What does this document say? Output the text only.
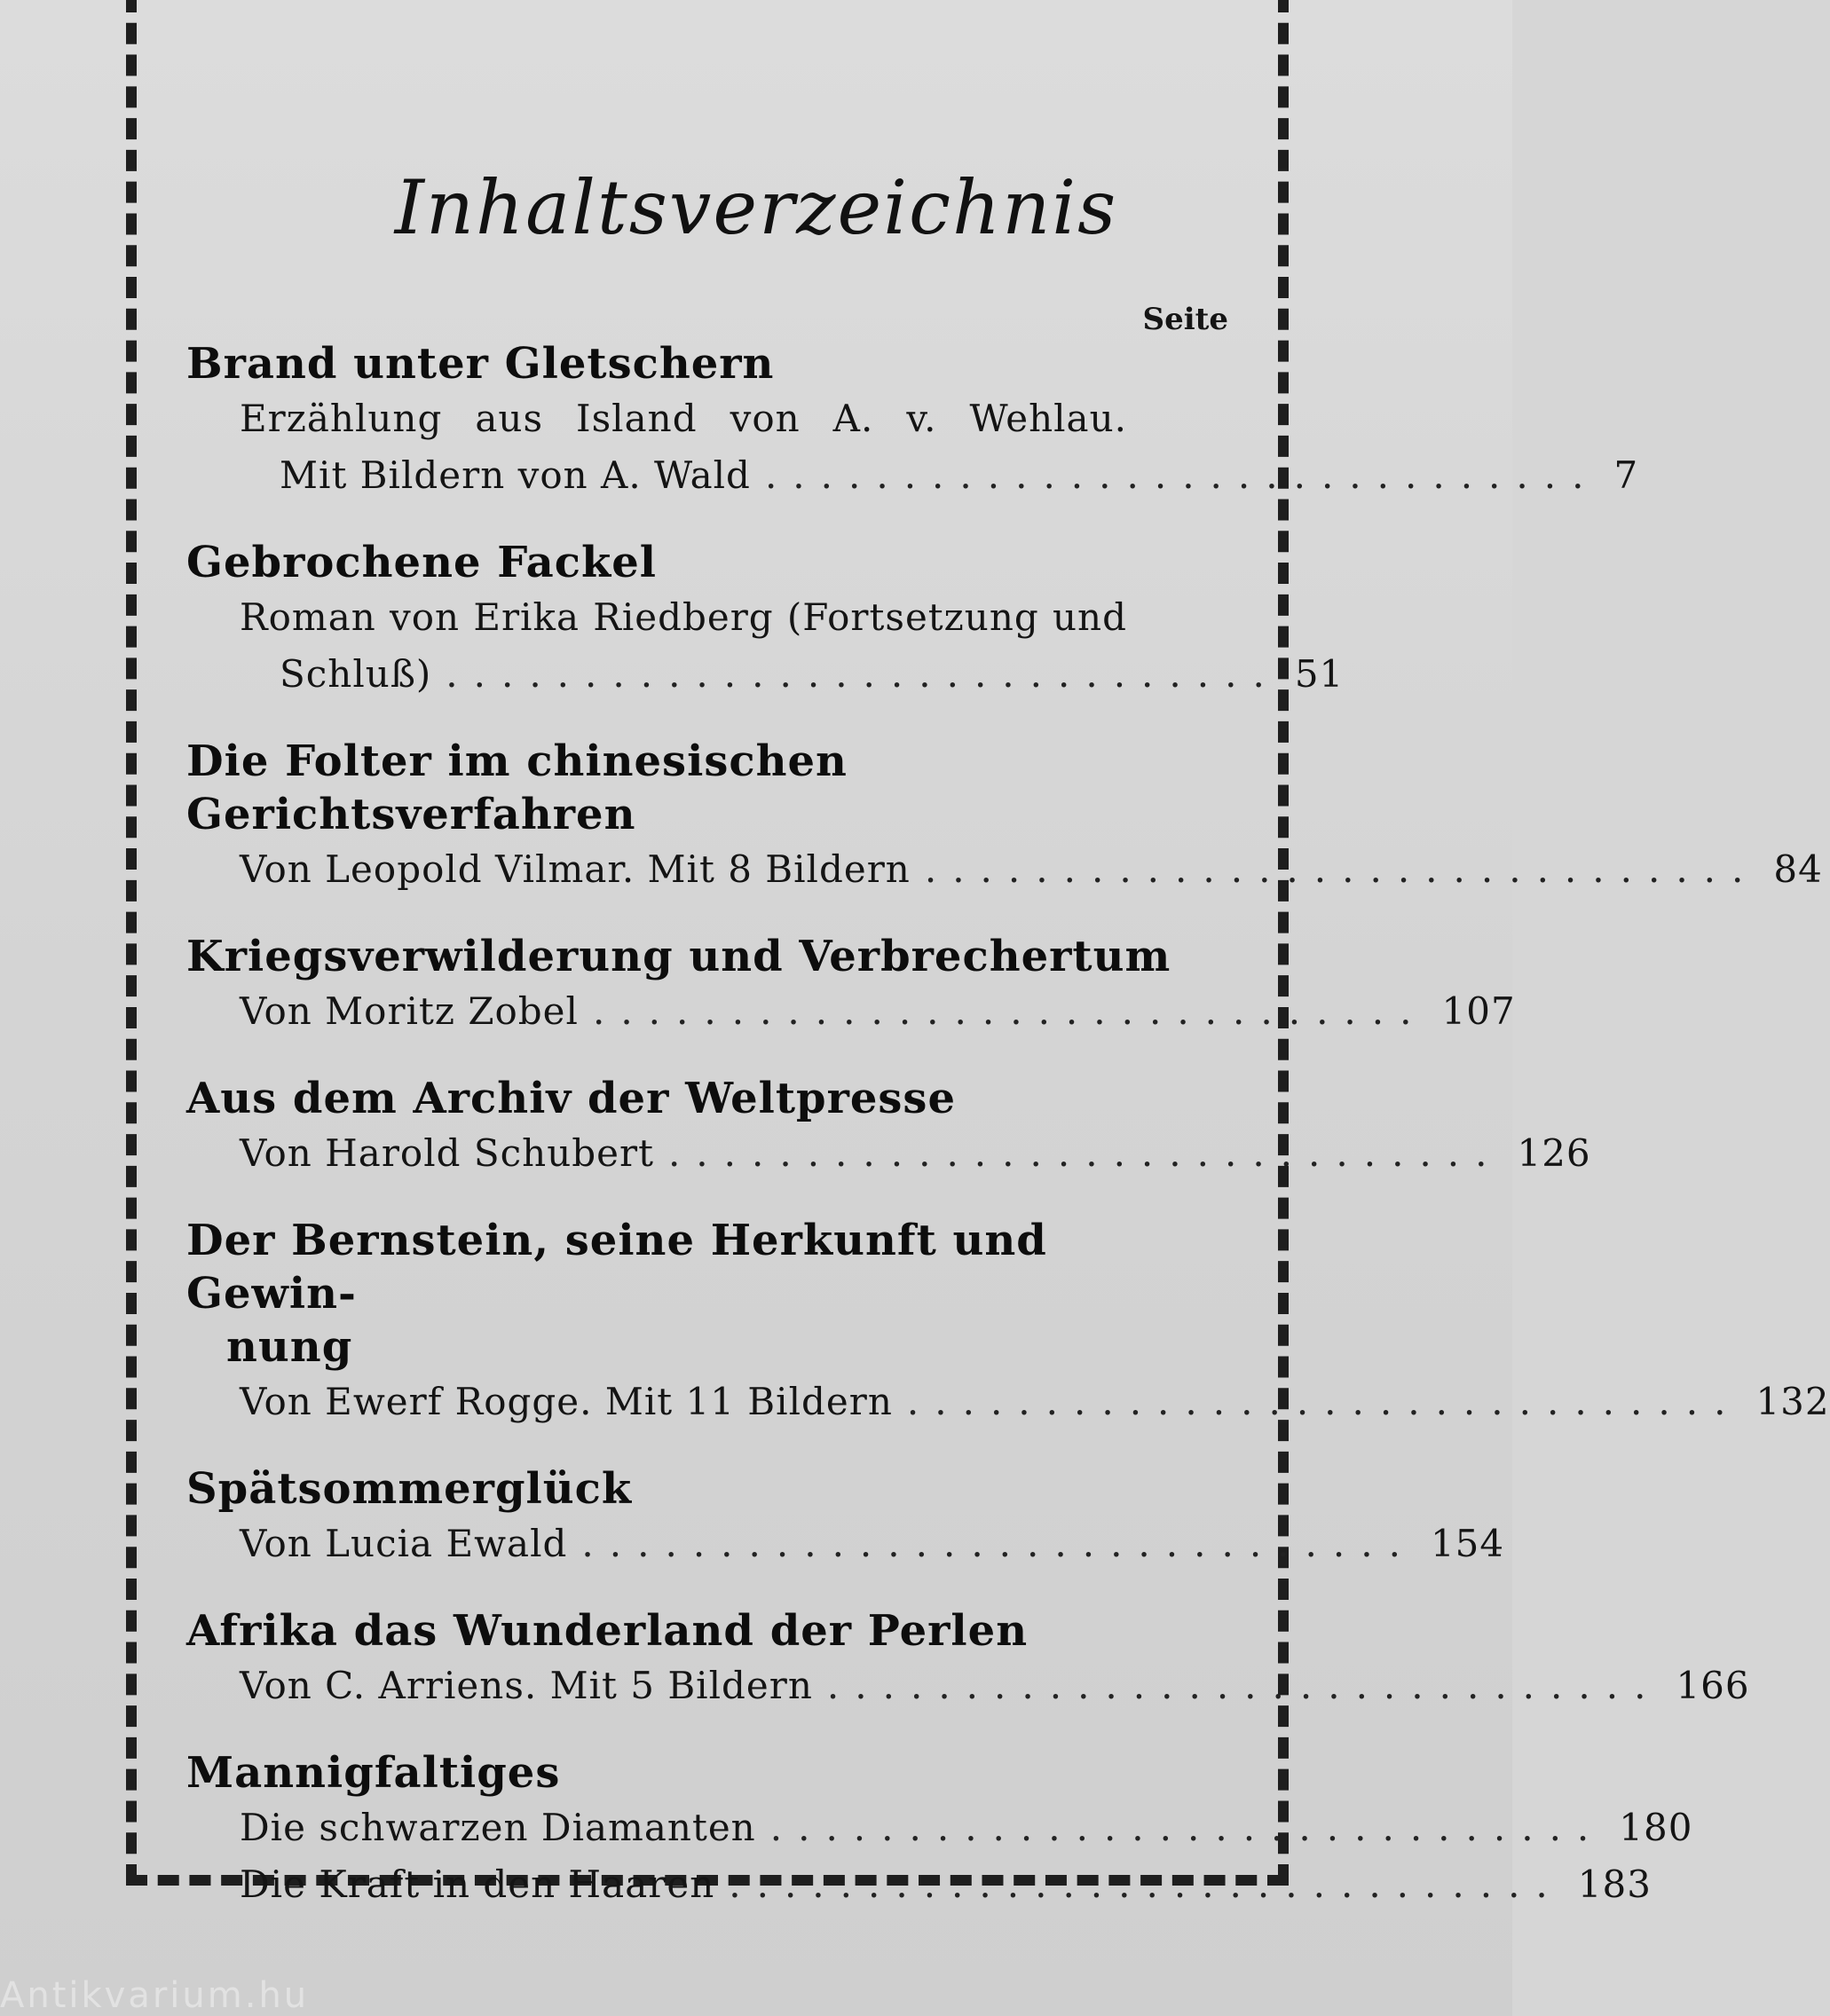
Inhaltsverzeichnis
Seite
Brand unter Gletschern
Erzählung aus Island von A. v. Wehlau.
Mit Bildern von A. Wald .............................. 7
Gebrochene Fackel
Roman von Erika Riedberg (Fortsetzung und
Schluß) .............................. 51
Die Folter im chinesischen Gerichtsverfahren
Von Leopold Vilmar. Mit 8 Bildern .............................. 84
Kriegsverwilderung und Verbrechertum
Von Moritz Zobel .............................. 107
Aus dem Archiv der Weltpresse
Von Harold Schubert .............................. 126
Der Bernstein, seine Herkunft und Gewin-
nung
Von Ewerf Rogge. Mit 11 Bildern .............................. 132
Spätsommerglück
Von Lucia Ewald .............................. 154
Afrika das Wunderland der Perlen
Von C. Arriens. Mit 5 Bildern .............................. 166
Mannigfaltiges
Die schwarzen Diamanten .............................. 180
Die Kraft in den Haaren .............................. 183
Antikvarium.hu
